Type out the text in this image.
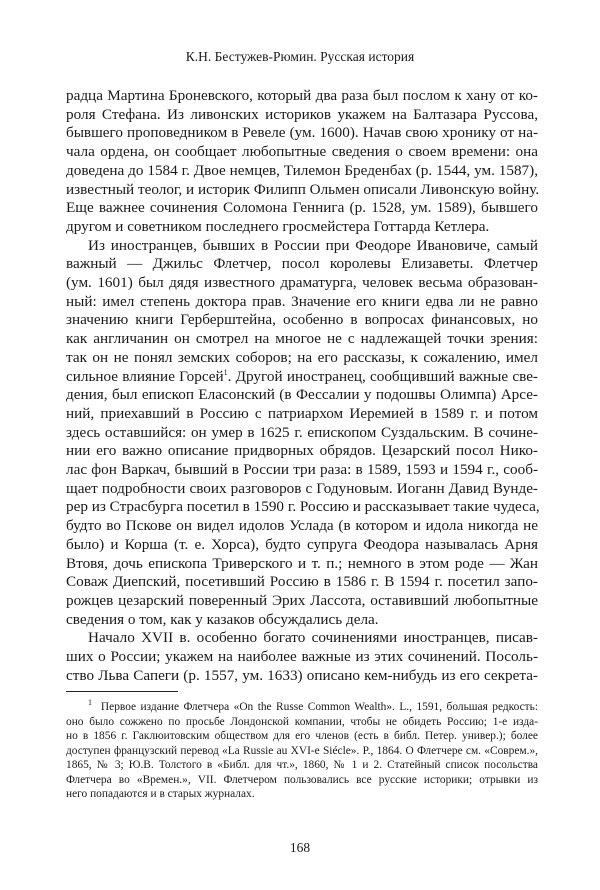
К.Н. Бестужев-Рюмин. Русская история
радца Мартина Броневского, который два раза был послом к хану от ко-
роля Стефана. Из ливонских историков укажем на Балтазара Руссова,
бывшего проповедником в Ревеле (ум. 1600). Начав свою хронику от на-
чала ордена, он сообщает любопытные сведения о своем времени: она
доведена до 1584 г. Двое немцев, Тилемон Бреденбах (р. 1544, ум. 1587),
известный теолог, и историк Филипп Ольмен описали Ливонскую войну.
Еще важнее сочинения Соломона Геннига (р. 1528, ум. 1589), бывшего
другом и советником последнего гросмейстера Готтарда Кетлера.
Из иностранцев, бывших в России при Феодоре Ивановиче, самый
важный — Джильс Флетчер, посол королевы Елизаветы. Флетчер
(ум. 1601) был дядя известного драматурга, человек весьма образован-
ный: имел степень доктора прав. Значение его книги едва ли не равно
значению книги Герберштейна, особенно в вопросах финансовых, но
как англичанин он смотрел на многое не с надлежащей точки зрения:
так он не понял земских соборов; на его рассказы, к сожалению, имел
сильное влияние Горсей$^1$. Другой иностранец, сообщивший важные све-
дения, был епископ Еласонский (в Фессалии у подошвы Олимпа) Арсе-
ний, приехавший в Россию с патриархом Иеремией в 1589 г. и потом
здесь оставшийся: он умер в 1625 г. епископом Суздальским. В сочине-
нии его важно описание придворных обрядов. Цезарский посол Нико-
лас фон Варкач, бывший в России три раза: в 1589, 1593 и 1594 г., сооб-
щает подробности своих разговоров с Годуновым. Иоганн Давид Вунде-
рер из Страсбурга посетил в 1590 г. Россию и рассказывает такие чудеса,
будто во Пскове он видел идолов Услада (в котором и идола никогда не
было) и Корша (т. е. Хорса), будто супруга Феодора называлась Арня
Втовя, дочь епископа Триверского и т. п.; немного в этом роде — Жан
Соваж Диепский, посетивший Россию в 1586 г. В 1594 г. посетил запо-
рожцев цезарский поверенный Эрих Лассота, оставивший любопытные
сведения о том, как у казаков обсуждались дела.
Начало XVII в. особенно богато сочинениями иностранцев, писав-
ших о России; укажем на наиболее важные из этих сочинений. Посоль-
ство Льва Сапеги (р. 1557, ум. 1633) описано кем-нибудь из его секрета-
$^1$ Первое издание Флетчера «On the Russe Common Wealth». L., 1591, большая редкость:
оно было сожжено по просьбе Лондонской компании, чтобы не обидеть Россию; 1-е изда-
но в 1856 г. Гаклюитовским обществом для его членов (есть в библ. Петер. универ.); более
доступен французский перевод «La Russie au XVI-e Siécle». P., 1864. О Флетчере см. «Соврем.»,
1865, № 3; Ю.В. Толстого в «Библ. для чт.», 1860, № 1 и 2. Статейный список посольства
Флетчера во «Времен.», VII. Флетчером пользовались все русские историки; отрывки из
него попадаются и в старых журналах.
168
